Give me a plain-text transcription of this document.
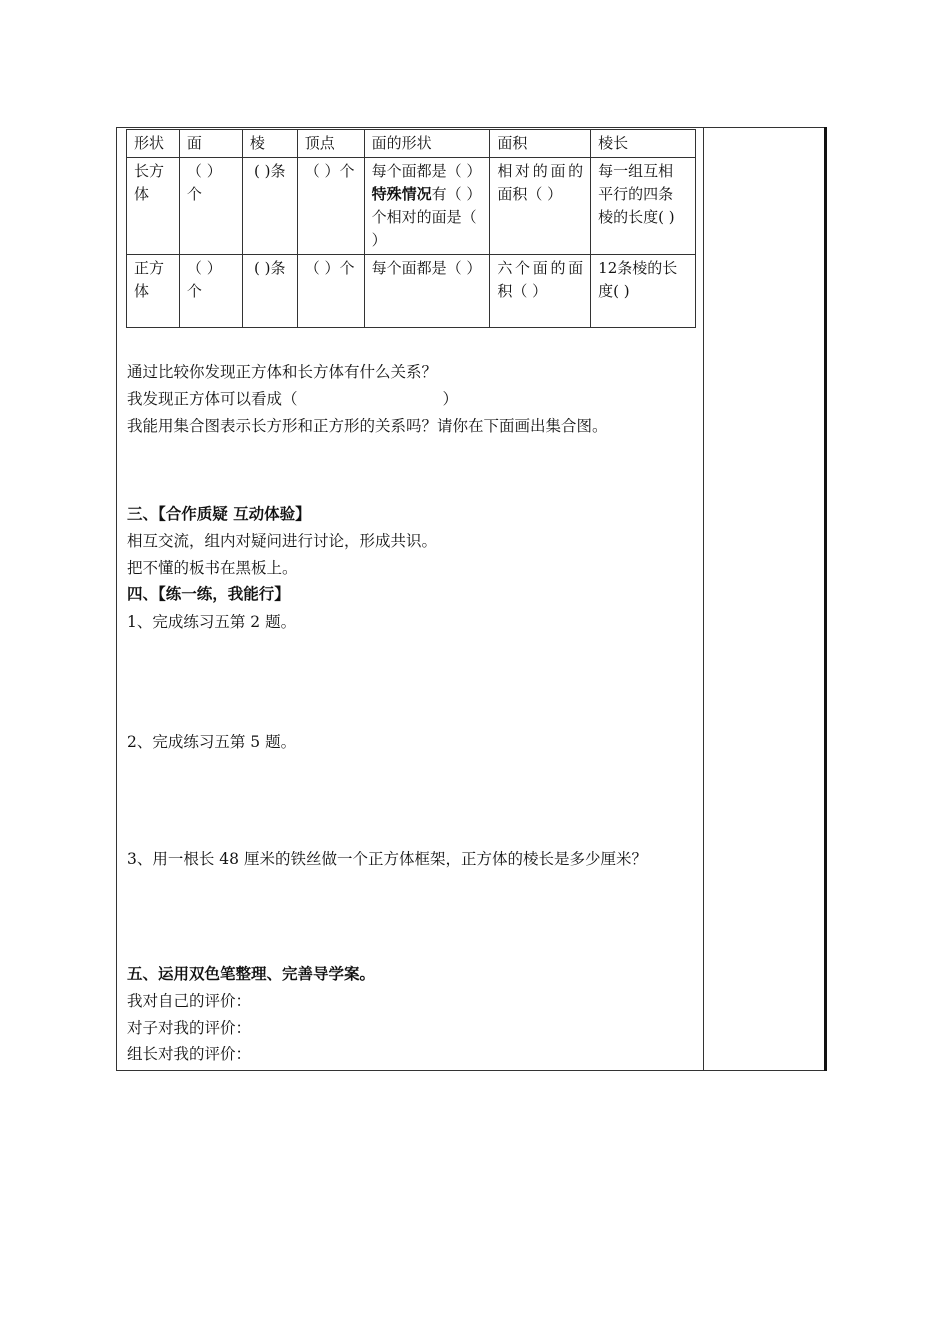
形状	面	棱	顶点	面的形状	面积	棱长
长方体	（ ）个	( )条	（ ）个	每个面都是（ ）特殊情况有（ ）个相对的面是（ ）	相对的面的面积（ ）	每一组互相平行的四条棱的长度( )
正方体	（ ）个	( )条	（ ）个	每个面都是（ ）	六个面的面积（ ）	12条棱的长度( )
通过比较你发现正方体和长方体有什么关系？
我发现正方体可以看成（	）
我能用集合图表示长方形和正方形的关系吗？请你在下面画出集合图。
三、【合作质疑 互动体验】
相互交流，组内对疑问进行讨论，形成共识。
把不懂的板书在黑板上。
四、【练一练，我能行】
1、完成练习五第 2 题。
2、完成练习五第 5 题。
3、用一根长 48 厘米的铁丝做一个正方体框架，正方体的棱长是多少厘米？
五、运用双色笔整理、完善导学案。
我对自己的评价：
对子对我的评价：
组长对我的评价：
